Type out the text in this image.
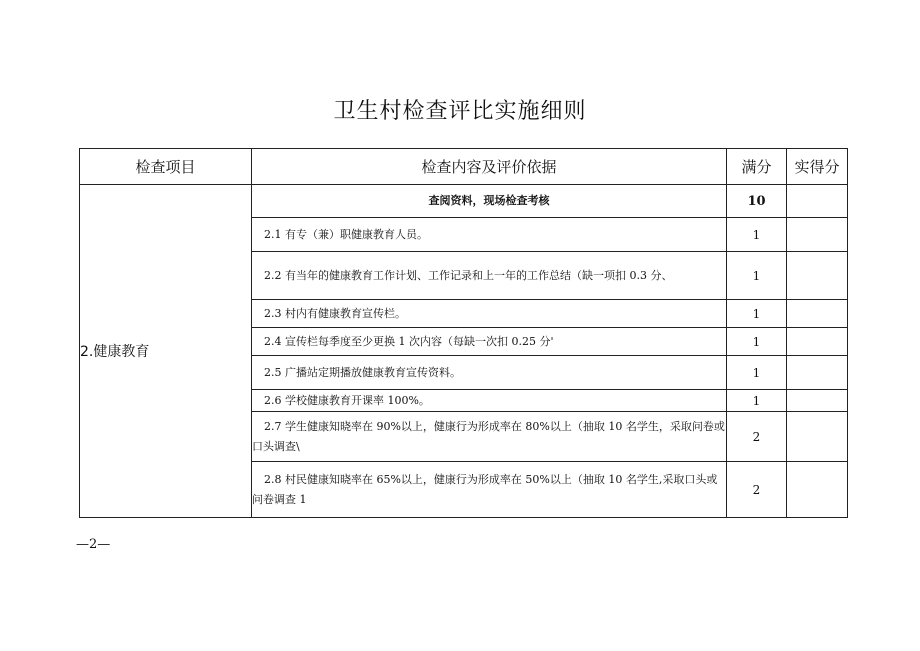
卫生村检查评比实施细则
检查项目	检查内容及评价依据	满分	实得分
2.健康教育	查阅资料，现场检查考核	10	
	2.1 有专（兼）职健康教育人员。	1	
	2.2 有当年的健康教育工作计划、工作记录和上一年的工作总结（缺一项扣 0.3 分、	1	
	2.3 村内有健康教育宣传栏。	1	
	2.4 宣传栏每季度至少更换 1 次内容（每缺一次扣 0.25 分'	1	
	2.5 广播站定期播放健康教育宣传资料。	1	
	2.6 学校健康教育开课率 100%。	1	
	2.7 学生健康知晓率在 90%以上，健康行为形成率在 80%以上（抽取 10 名学生，采取问卷或口头调查\	2	
	2.8 村民健康知晓率在 65%以上，健康行为形成率在 50%以上（抽取 10 名学生,采取口头或问卷调查 1	2	
—2—
